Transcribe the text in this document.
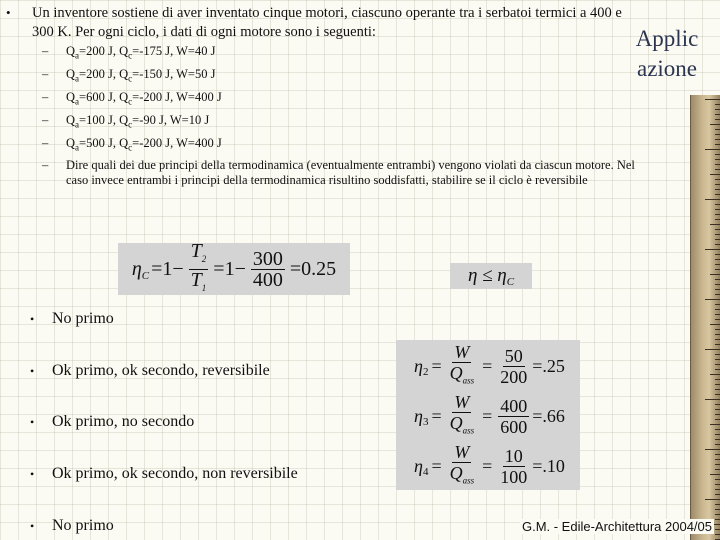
• Un inventore sostiene di aver inventato cinque motori, ciascuno operante tra i serbatoi termici a 400 e 300 K. Per ogni ciclo, i dati di ogni motore sono i seguenti:	Applic
azione
– $Q_a=200$ J, $Q_c=-175$ J, W=40 J
– $Q_a=200$ J, $Q_c=-150$ J, W=50 J
– $Q_a=600$ J, $Q_c=-200$ J, W=400 J
– $Q_a=100$ J, $Q_c=-90$ J, W=10 J
– $Q_a=500$ J, $Q_c=-200$ J, W=400 J
– Dire quali dei due principi della termodinamica (eventualmente entrambi) vengono violati da ciascun motore. Nel caso invece entrambi i principi della termodinamica risultino soddisfatti, stabilire se il ciclo è reversibile
$\eta_C =1- \frac{T_2}{T_1} =1- \frac{300}{400} = 0.25$	$\eta \le \eta_C$
$\eta_2 = \frac{W}{Q_{ass}} = \frac{50}{200} = .25$
$\eta_3 = \frac{W}{Q_{ass}} = \frac{400}{600} = .66$
$\eta_4 = \frac{W}{Q_{ass}} = \frac{10}{100} = .10$
• No primo
• Ok primo, ok secondo, reversibile
• Ok primo, no secondo
• Ok primo, ok secondo, non reversibile
• No primo	G.M. - Edile-Architettura 2004/05
